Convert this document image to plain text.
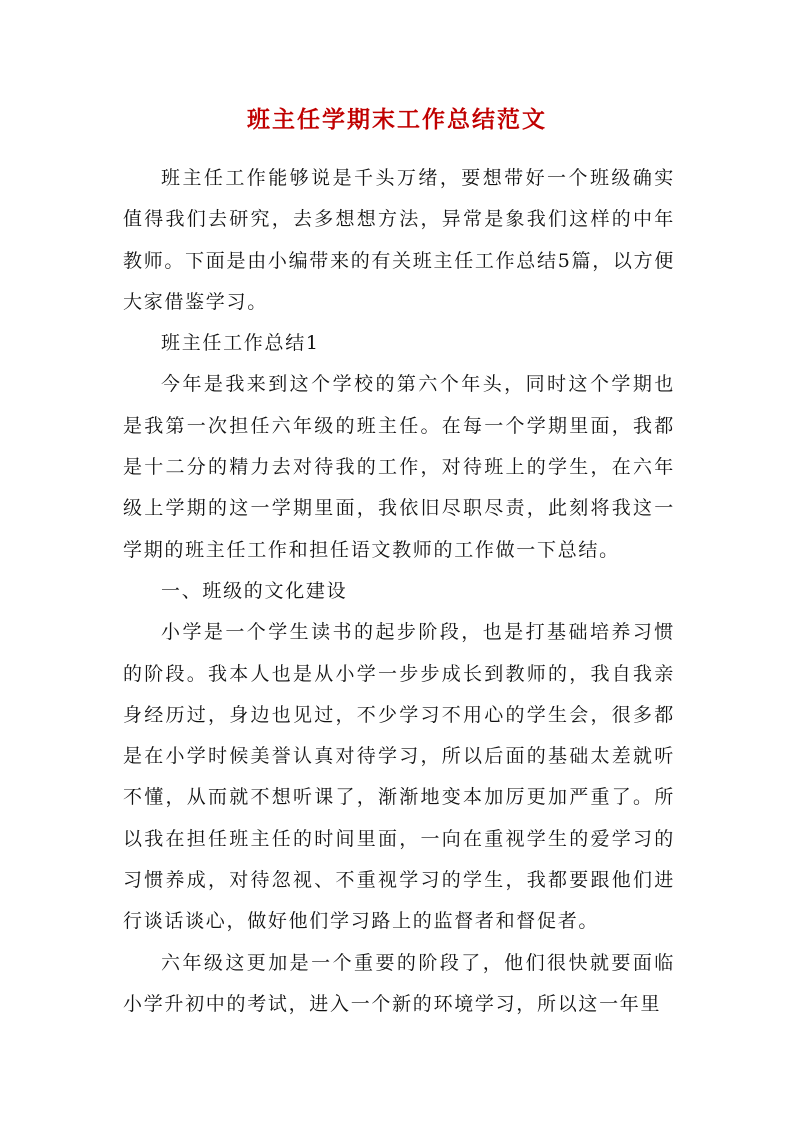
班主任学期末工作总结范文

班主任工作能够说是千头万绪，要想带好一个班级确实值得我们去研究，去多想想方法，异常是象我们这样的中年教师。下面是由小编带来的有关班主任工作总结5篇，以方便大家借鉴学习。

班主任工作总结1

今年是我来到这个学校的第六个年头，同时这个学期也是我第一次担任六年级的班主任。在每一个学期里面，我都是十二分的精力去对待我的工作，对待班上的学生，在六年级上学期的这一学期里面，我依旧尽职尽责，此刻将我这一学期的班主任工作和担任语文教师的工作做一下总结。

一、班级的文化建设

小学是一个学生读书的起步阶段，也是打基础培养习惯的阶段。我本人也是从小学一步步成长到教师的，我自我亲身经历过，身边也见过，不少学习不用心的学生会，很多都是在小学时候美誉认真对待学习，所以后面的基础太差就听不懂，从而就不想听课了，渐渐地变本加厉更加严重了。所以我在担任班主任的时间里面，一向在重视学生的爱学习的习惯养成，对待忽视、不重视学习的学生，我都要跟他们进行谈话谈心，做好他们学习路上的监督者和督促者。

六年级这更加是一个重要的阶段了，他们很快就要面临小学升初中的考试，进入一个新的环境学习，所以这一年里
